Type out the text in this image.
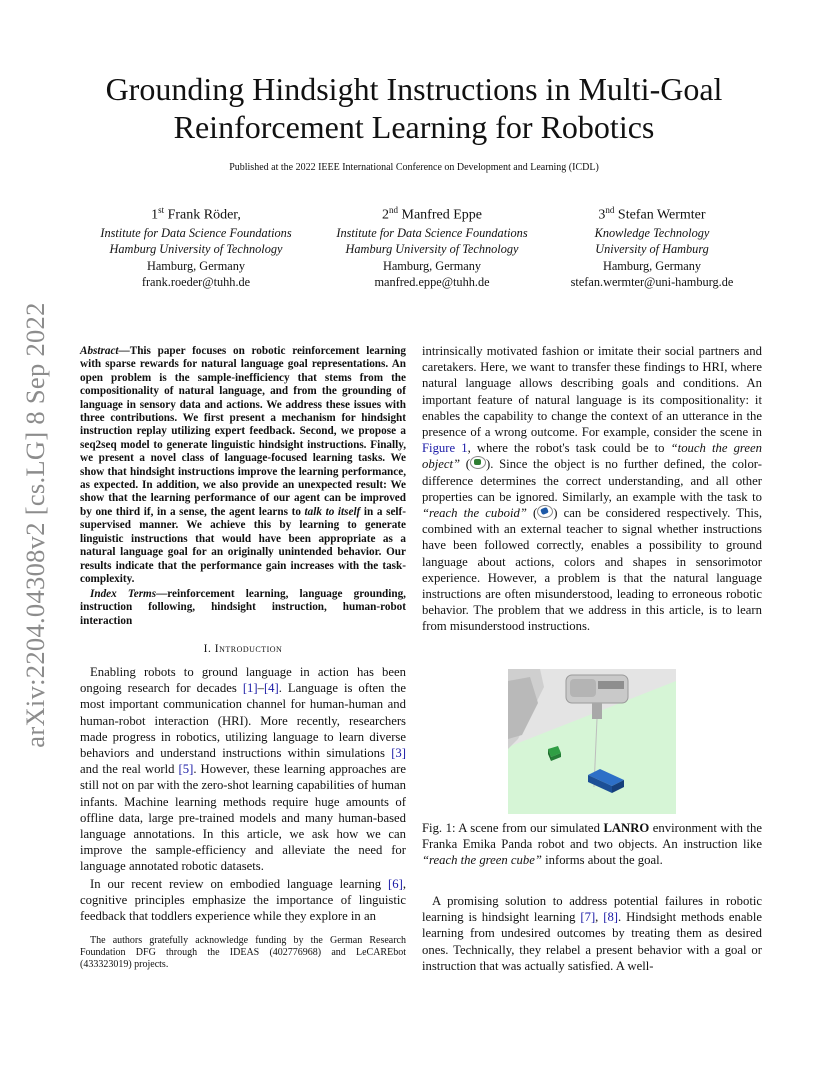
Grounding Hindsight Instructions in Multi-Goal
Reinforcement Learning for Robotics
Published at the 2022 IEEE International Conference on Development and Learning (ICDL)
1st Frank Röder,
Institute for Data Science Foundations
Hamburg University of Technology
Hamburg, Germany
frank.roeder@tuhh.de
2nd Manfred Eppe
Institute for Data Science Foundations
Hamburg University of Technology
Hamburg, Germany
manfred.eppe@tuhh.de
3nd Stefan Wermter
Knowledge Technology
University of Hamburg
Hamburg, Germany
stefan.wermter@uni-hamburg.de
arXiv:2204.04308v2 [cs.LG] 8 Sep 2022	Abstract—This paper focuses on robotic reinforcement learning with sparse rewards for natural language goal representations. An open problem is the sample-inefficiency that stems from the compositionality of natural language, and from the grounding of language in sensory data and actions. We address these issues with three contributions. We first present a mechanism for hindsight instruction replay utilizing expert feedback. Second, we propose a seq2seq model to generate linguistic hindsight instructions. Finally, we present a novel class of language-focused learning tasks. We show that hindsight instructions improve the learning performance, as expected. In addition, we also provide an unexpected result: We show that the learning performance of our agent can be improved by one third if, in a sense, the agent learns to talk to itself in a self-supervised manner. We achieve this by learning to generate linguistic instructions that would have been appropriate as a natural language goal for an originally unintended behavior. Our results indicate that the performance gain increases with the task-complexity.
Index Terms—reinforcement learning, language grounding, instruction following, hindsight instruction, human-robot interaction
I. Introduction

Enabling robots to ground language in action has been ongoing research for decades [1]–[4]. Language is often the most important communication channel for human-human and human-robot interaction (HRI). More recently, researchers made progress in robotics, utilizing language to learn diverse behaviors and understand instructions within simulations [3] and the real world [5]. However, these learning approaches are still not on par with the zero-shot learning capabilities of human infants. Machine learning methods require huge amounts of offline data, large pre-trained models and many human-based language annotations. In this article, we ask how we can improve the sample-efficiency and alleviate the need for language annotated robotic datasets.

In our recent review on embodied language learning [6], cognitive principles emphasize the importance of linguistic feedback that toddlers experience while they explore in an

The authors gratefully acknowledge funding by the German Research Foundation DFG through the IDEAS (402776968) and LeCAREbot (433323019) projects.

intrinsically motivated fashion or imitate their social partners and caretakers. Here, we want to transfer these findings to HRI, where natural language allows describing goals and conditions. An important feature of natural language is its compositionality: it enables the capability to change the context of an utterance in the presence of a wrong outcome. For example, consider the scene in Figure 1, where the robot's task could be to “touch the green object” ( ). Since the object is no further defined, the color-difference determines the correct understanding, and all other properties can be ignored. Similarly, an example with the task to “reach the cuboid” ( ) can be considered respectively. This, combined with an external teacher to signal whether instructions have been followed correctly, enables a possibility to ground language about actions, colors and shapes in sensorimotor experience. However, a problem is that the natural language instructions are often misunderstood, leading to erroneous robotic behavior. The problem that we address in this article, is to learn from misunderstood instructions.

Fig. 1: A scene from our simulated LANRO environment with the Franka Emika Panda robot and two objects. An instruction like “reach the green cube” informs about the goal.

A promising solution to address potential failures in robotic learning is hindsight learning [7], [8]. Hindsight methods enable learning from undesired outcomes by treating them as desired ones. Technically, they relabel a present behavior with a goal or instruction that was actually satisfied. A well-
